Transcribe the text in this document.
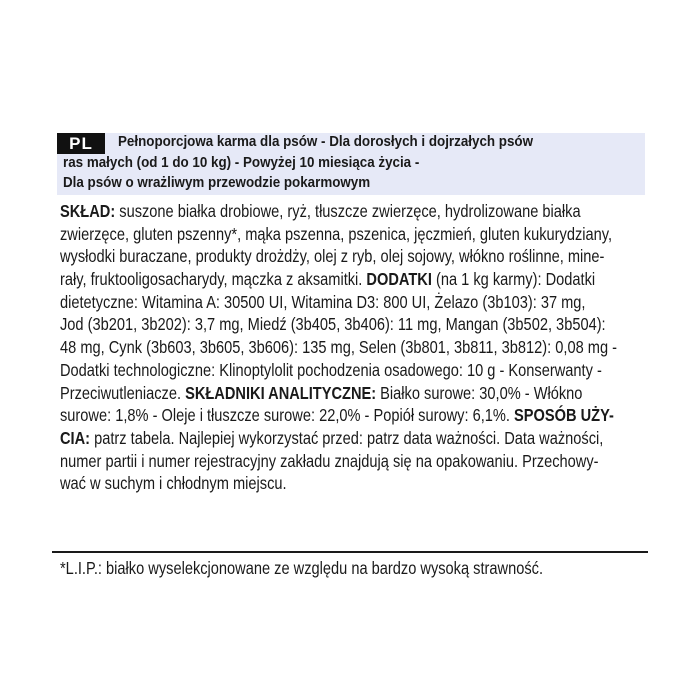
PL	Pełnoporcjowa karma dla psów - Dla dorosłych i dojrzałych psów
ras małych (od 1 do 10 kg) - Powyżej 10 miesiąca życia -
Dla psów o wrażliwym przewodzie pokarmowym
SKŁAD: suszone białka drobiowe, ryż, tłuszcze zwierzęce, hydrolizowane białka
zwierzęce, gluten pszenny*, mąka pszenna, pszenica, jęczmień, gluten kukurydziany,
wysłodki buraczane, produkty drożdży, olej z ryb, olej sojowy, włókno roślinne, mine-
rały, fruktooligosacharydy, mączka z aksamitki. DODATKI (na 1 kg karmy): Dodatki
dietetyczne: Witamina A: 30500 UI, Witamina D3: 800 UI, Żelazo (3b103): 37 mg,
Jod (3b201, 3b202): 3,7 mg, Miedź (3b405, 3b406): 11 mg, Mangan (3b502, 3b504):
48 mg, Cynk (3b603, 3b605, 3b606): 135 mg, Selen (3b801, 3b811, 3b812): 0,08 mg -
Dodatki technologiczne: Klinoptylolit pochodzenia osadowego: 10 g - Konserwanty -
Przeciwutleniacze. SKŁADNIKI ANALITYCZNE: Białko surowe: 30,0% - Włókno
surowe: 1,8% - Oleje i tłuszcze surowe: 22,0% - Popiół surowy: 6,1%. SPOSÓB UŻY-
CIA: patrz tabela. Najlepiej wykorzystać przed: patrz data ważności. Data ważności,
numer partii i numer rejestracyjny zakładu znajdują się na opakowaniu. Przechowy-
wać w suchym i chłodnym miejscu.
*L.I.P.: białko wyselekcjonowane ze względu na bardzo wysoką strawność.
